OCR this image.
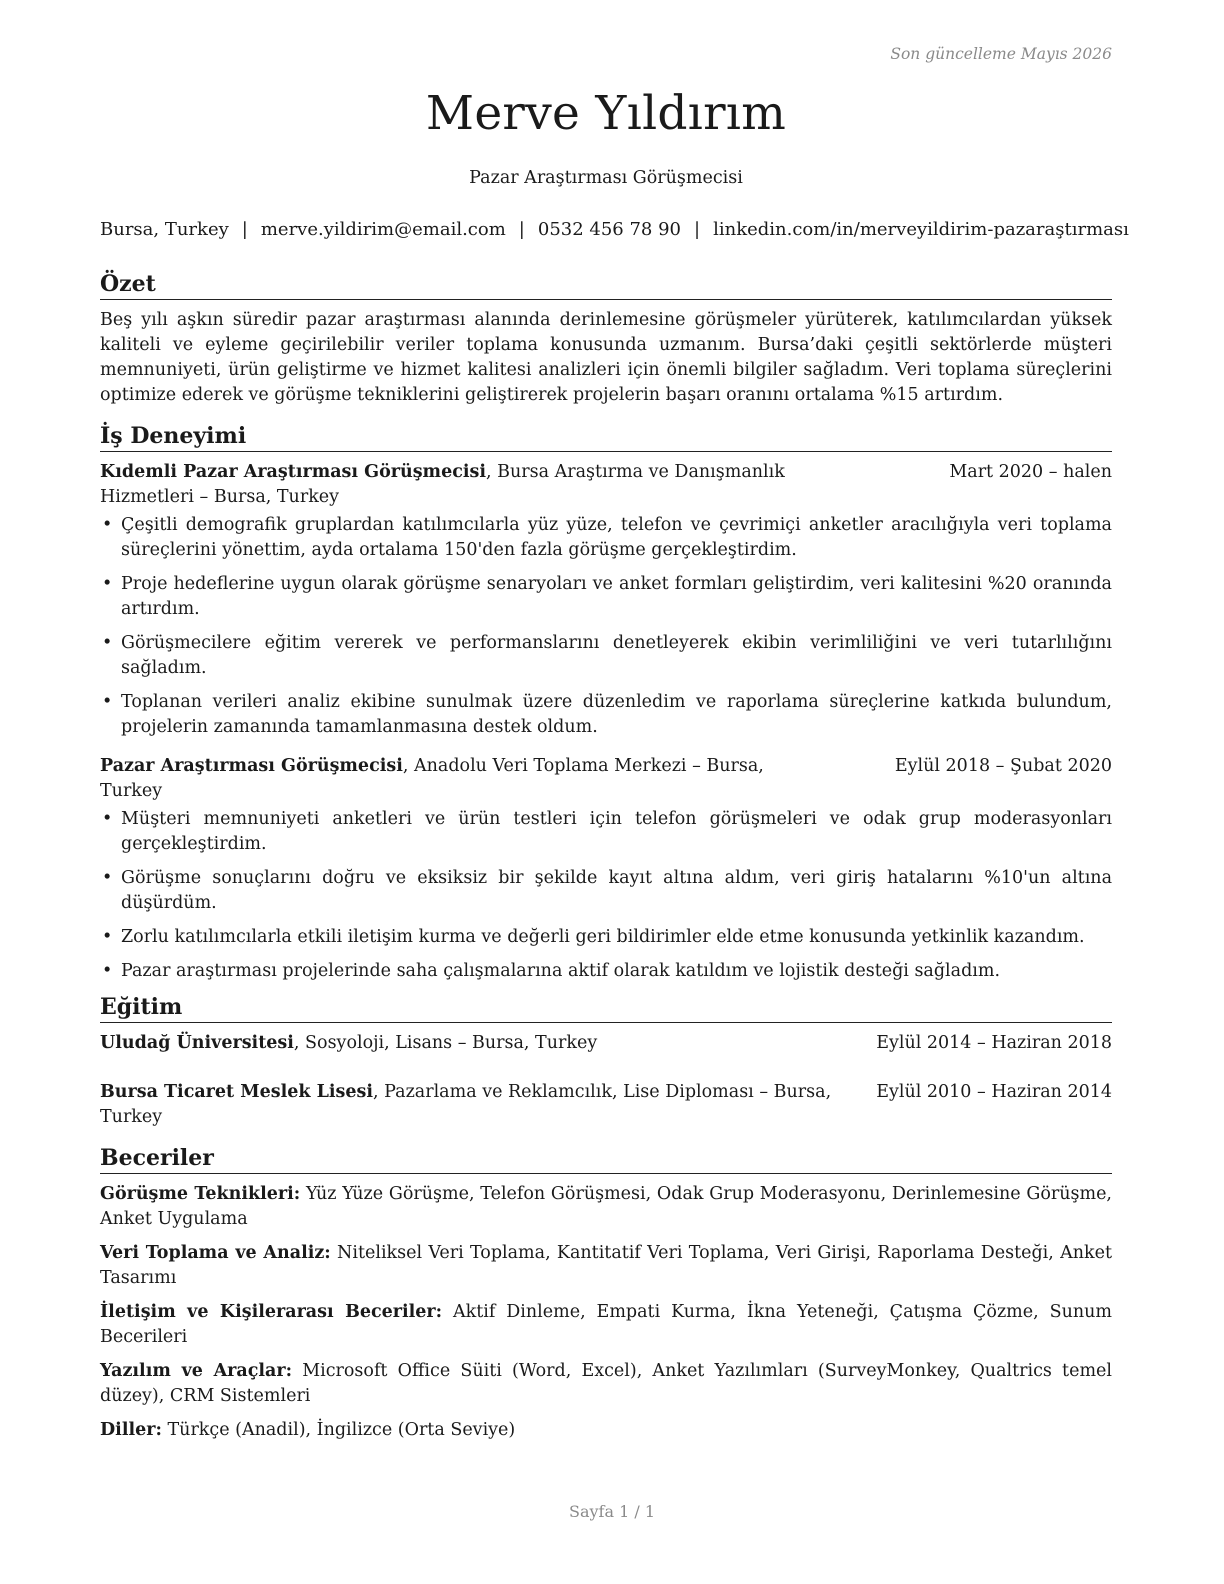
Son güncelleme Mayıs 2026
Merve Yıldırım
Pazar Araştırması Görüşmecisi
Bursa, Turkey | merve.yildirim@email.com | 0532 456 78 90 | linkedin.com/in/merveyildirim-pazaraştırması
Özet

Beş yılı aşkın süredir pazar araştırması alanında derinlemesine görüşmeler yürüterek, katılımcılardan yüksek kaliteli ve eyleme geçirilebilir veriler toplama konusunda uzmanım. Bursa’daki çeşitli sektörlerde müşteri memnuniyeti, ürün geliştirme ve hizmet kalitesi analizleri için önemli bilgiler sağladım. Veri toplama süreçlerini optimize ederek ve görüşme tekniklerini geliştirerek projelerin başarı oranını ortalama %15 artırdım.

İş Deneyimi
Kıdemli Pazar Araştırması Görüşmecisi, Bursa Araştırma ve Danışmanlık Hizmetleri – Bursa, Turkey
Mart 2020 – halen
• Çeşitli demografik gruplardan katılımcılarla yüz yüze, telefon ve çevrimiçi anketler aracılığıyla veri toplama süreçlerini yönettim, ayda ortalama 150'den fazla görüşme gerçekleştirdim.
• Proje hedeflerine uygun olarak görüşme senaryoları ve anket formları geliştirdim, veri kalitesini %20 oranında artırdım.
• Görüşmecilere eğitim vererek ve performanslarını denetleyerek ekibin verimliliğini ve veri tutarlılığını sağladım.
• Toplanan verileri analiz ekibine sunulmak üzere düzenledim ve raporlama süreçlerine katkıda bulundum, projelerin zamanında tamamlanmasına destek oldum.
Pazar Araştırması Görüşmecisi, Anadolu Veri Toplama Merkezi – Bursa, Turkey
Eylül 2018 – Şubat 2020
• Müşteri memnuniyeti anketleri ve ürün testleri için telefon görüşmeleri ve odak grup moderasyonları gerçekleştirdim.
• Görüşme sonuçlarını doğru ve eksiksiz bir şekilde kayıt altına aldım, veri giriş hatalarını %10'un altına düşürdüm.
• Zorlu katılımcılarla etkili iletişim kurma ve değerli geri bildirimler elde etme konusunda yetkinlik kazandım.
• Pazar araştırması projelerinde saha çalışmalarına aktif olarak katıldım ve lojistik desteği sağladım.
Eğitim
Uludağ Üniversitesi, Sosyoloji, Lisans – Bursa, Turkey	Eylül 2014 – Haziran 2018
Bursa Ticaret Meslek Lisesi, Pazarlama ve Reklamcılık, Lise Diploması – Bursa, Turkey
Eylül 2010 – Haziran 2014
Beceriler
Görüşme Teknikleri: Yüz Yüze Görüşme, Telefon Görüşmesi, Odak Grup Moderasyonu, Derinlemesine Görüşme, Anket Uygulama
Veri Toplama ve Analiz: Niteliksel Veri Toplama, Kantitatif Veri Toplama, Veri Girişi, Raporlama Desteği, Anket Tasarımı
İletişim ve Kişilerarası Beceriler: Aktif Dinleme, Empati Kurma, İkna Yeteneği, Çatışma Çözme, Sunum Becerileri
Yazılım ve Araçlar: Microsoft Office Süiti (Word, Excel), Anket Yazılımları (SurveyMonkey, Qualtrics temel düzey), CRM Sistemleri
Diller: Türkçe (Anadil), İngilizce (Orta Seviye)
Sayfa 1 / 1
